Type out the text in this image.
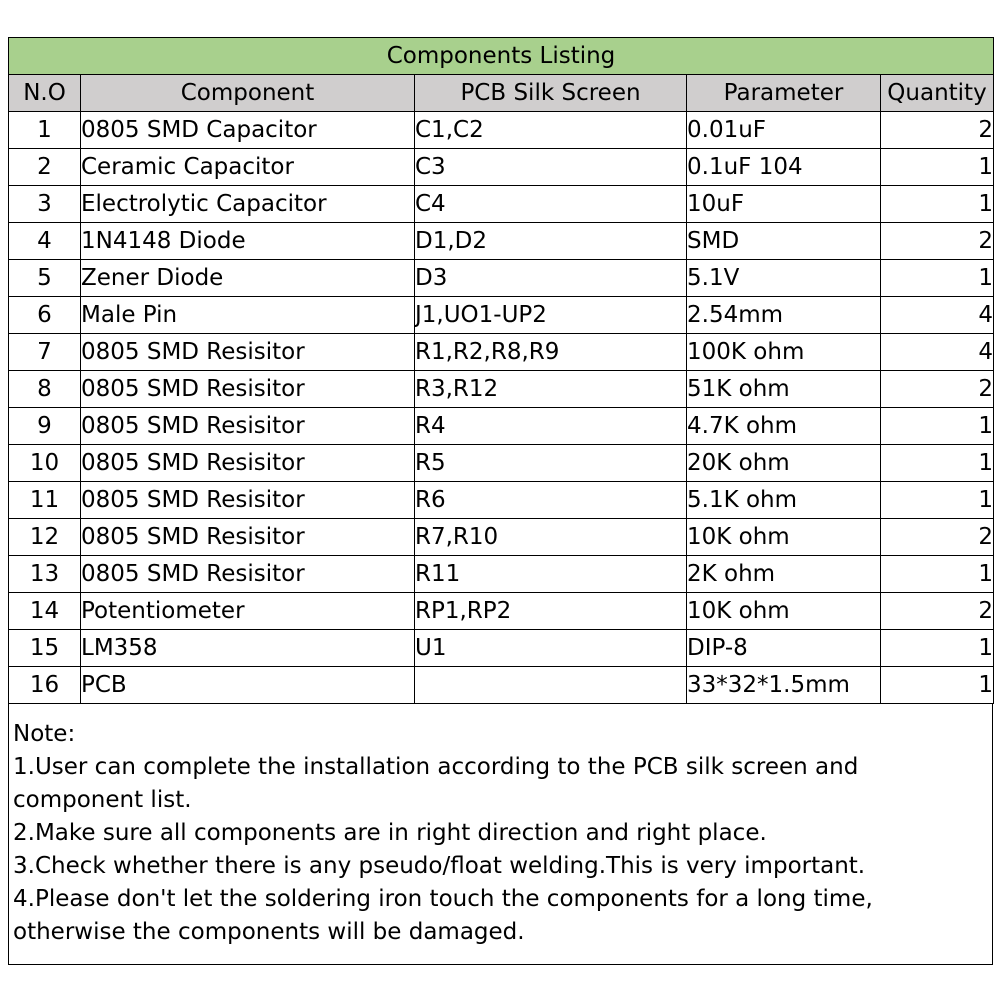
Components Listing				
N.O	Component	PCB Silk Screen	Parameter	Quantity
1	0805 SMD Capacitor	C1,C2	0.01uF	2
2	Ceramic Capacitor	C3	0.1uF 104	1
3	Electrolytic Capacitor	C4	10uF	1
4	1N4148 Diode	D1,D2	SMD	2
5	Zener Diode	D3	5.1V	1
6	Male Pin	J1,UO1-UP2	2.54mm	4
7	0805 SMD Resisitor	R1,R2,R8,R9	100K ohm	4
8	0805 SMD Resisitor	R3,R12	51K ohm	2
9	0805 SMD Resisitor	R4	4.7K ohm	1
10	0805 SMD Resisitor	R5	20K ohm	1
11	0805 SMD Resisitor	R6	5.1K ohm	1
12	0805 SMD Resisitor	R7,R10	10K ohm	2
13	0805 SMD Resisitor	R11	2K ohm	1
14	Potentiometer	RP1,RP2	10K ohm	2
15	LM358	U1	DIP-8	1
16	PCB		33*32*1.5mm	1
Note:
1.User can complete the installation according to the PCB silk screen and component list.
2.Make sure all components are in right direction and right place.
3.Check whether there is any pseudo/float welding.This is very important.
4.Please don't let the soldering iron touch the components for a long time, otherwise the components will be damaged.
